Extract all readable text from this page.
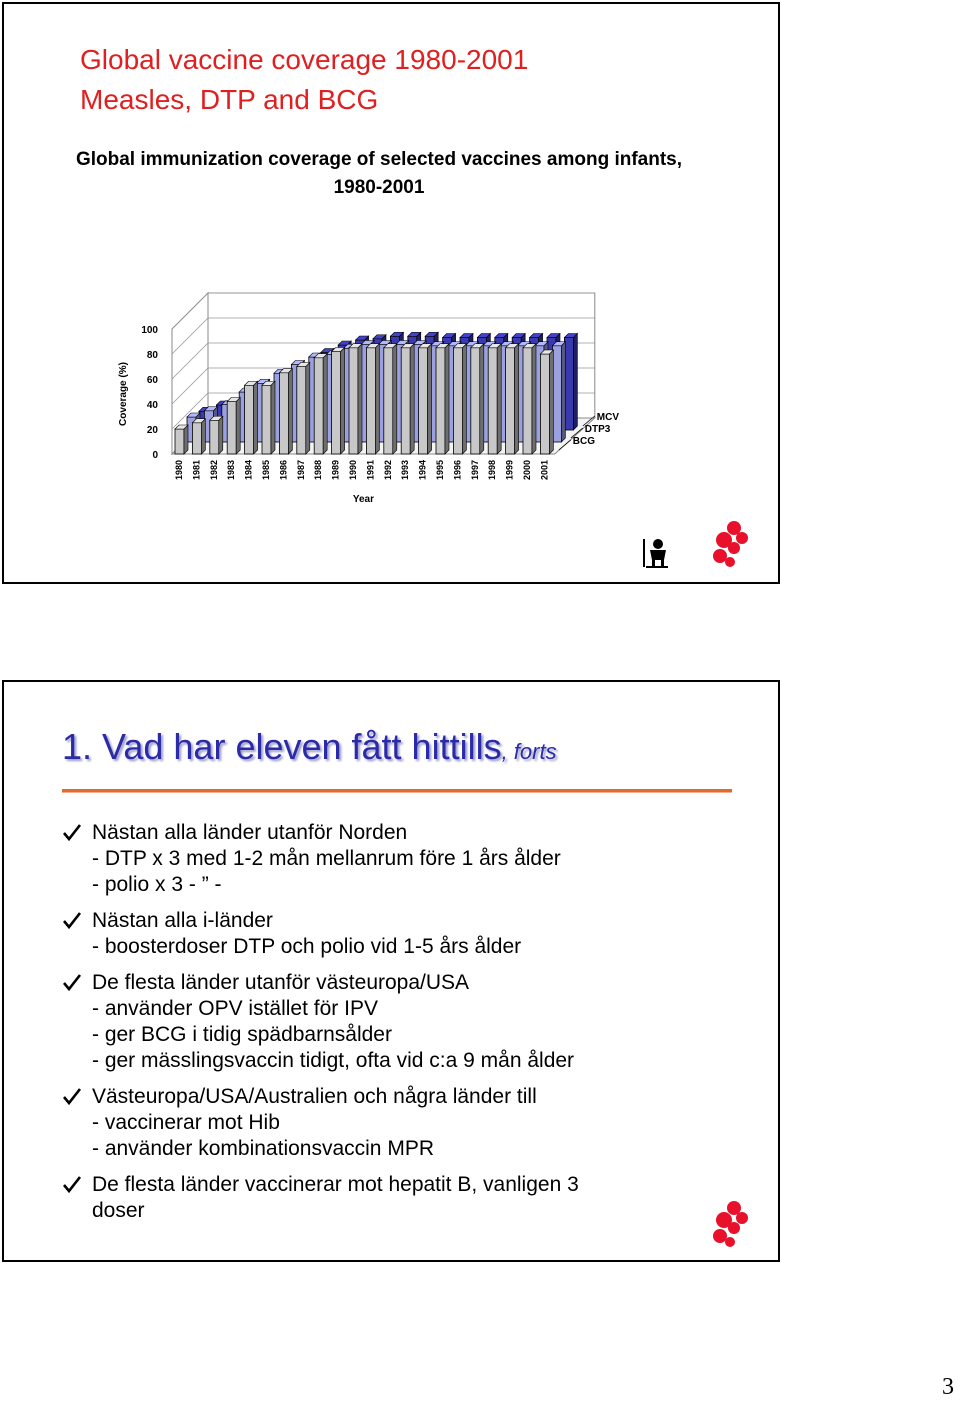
Global vaccine coverage 1980-2001
Measles, DTP and BCG
Global immunization coverage of selected vaccines among infants, 1980-2001
0
20
40
60
80
100
MCV
DTP3
BCG
1980 1981 1982 1983 1984 1985 1986 1987 1988 1989 1990 1991 1992 1993 1994 1995 1996 1997 1998 1999 2000 2001
Year
Coverage (%)
1. Vad har eleven fått hittills, forts
Nästan alla länder utanför Norden
- DTP x 3 med 1-2 mån mellanrum före 1 års ålder
- polio x 3 - ” -
Nästan alla i-länder
- boosterdoser DTP och polio vid 1-5 års ålder
De flesta länder utanför västeuropa/USA
- använder OPV istället för IPV
- ger BCG i tidig spädbarnsålder
- ger mässlingsvaccin tidigt, ofta vid c:a 9 mån ålder
Västeuropa/USA/Australien och några länder till
- vaccinerar mot Hib
- använder kombinationsvaccin MPR
De flesta länder vaccinerar mot hepatit B, vanligen 3
doser
3
